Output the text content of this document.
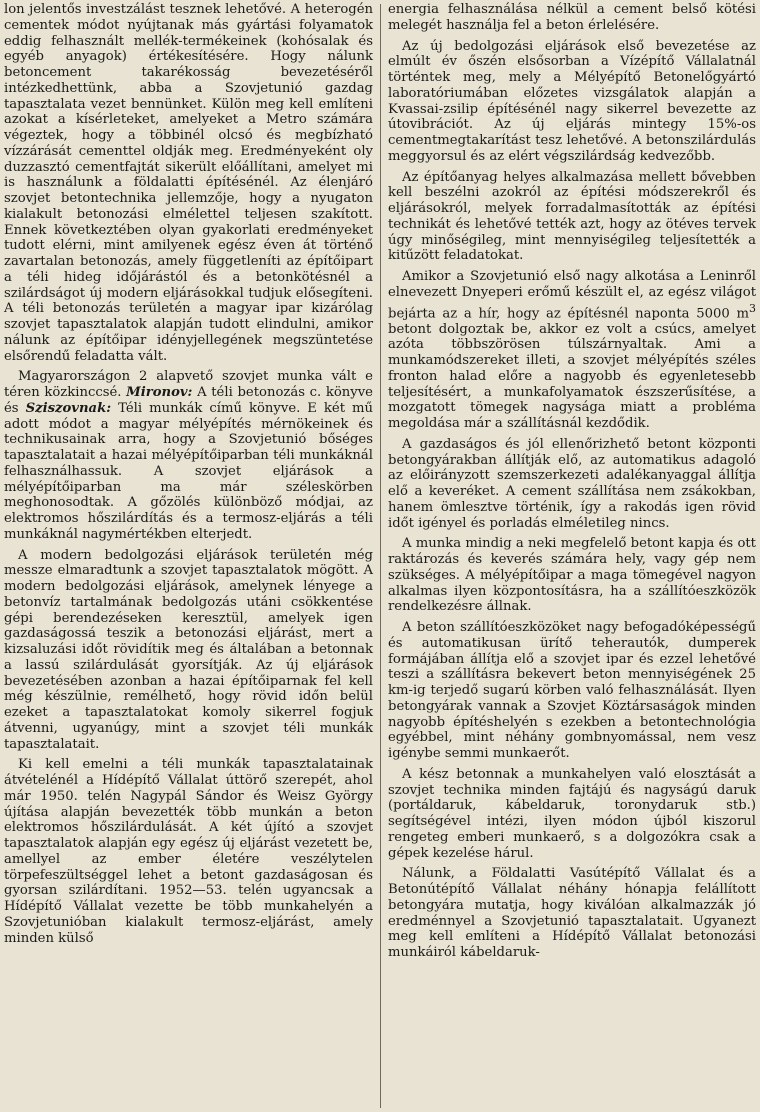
lon jelentős investzálást tesznek lehetővé. A heterogén cementek módot nyújtanak más gyártási folyamatok eddig felhasznált mellék-termékeinek (kohósalak és egyéb anyagok) értékesítésére. Hogy nálunk betoncement takarékosság bevezetéséről intézkedhettünk, abba a Szovjetunió gazdag tapasztalata vezet bennünket. Külön meg kell említeni azokat a kísérleteket, amelyeket a Metro számára végeztek, hogy a többinél olcsó és megbízható vízzárását cementtel oldják meg. Eredményeként oly duzzasztó cementfajtát sikerült előállítani, amelyet mi is használunk a földalatti építésénél. Az élenjáró szovjet betontechnika jellemzője, hogy a nyugaton kialakult betonozási elmélettel teljesen szakított. Ennek következtében olyan gyakorlati eredményeket tudott elérni, mint amilyenek egész éven át történő zavartalan betonozás, amely függetleníti az építőipart a téli hideg időjárástól és a betonkötésnél a szilárdságot új modern eljárásokkal tudjuk elősegíteni. A téli betonozás területén a magyar ipar kizárólag szovjet tapasztalatok alapján tudott elindulni, amikor nálunk az építőipar idényjellegének megszüntetése elsőrendű feladatta vált.

Magyarországon 2 alapvető szovjet munka vált e téren közkinccsé. Mironov: A téli betonozás c. könyve és Sziszovnak: Téli munkák című könyve. E két mű adott módot a magyar mélyépítés mérnökeinek és technikusainak arra, hogy a Szovjetunió bőséges tapasztalatait a hazai mélyépítőiparban téli munkáknál felhasználhassuk. A szovjet eljárások a mélyépítőiparban ma már széleskörben meghonosodtak. A gőzölés különböző módjai, az elektromos hőszilárdítás és a termosz-eljárás a téli munkáknál nagymértékben elterjedt.

A modern bedolgozási eljárások területén még messze elmaradtunk a szovjet tapasztalatok mögött. A modern bedolgozási eljárások, amelynek lényege a betonvíz tartalmának bedolgozás utáni csökkentése gépi berendezéseken keresztül, amelyek igen gazdaságossá teszik a betonozási eljárást, mert a kizsaluzási időt rövidítik meg és általában a betonnak a lassú szilárdulását gyorsítják. Az új eljárások bevezetésében azonban a hazai építőiparnak fel kell még készülnie, remélhető, hogy rövid időn belül ezeket a tapasztalatokat komoly sikerrel fogjuk átvenni, ugyanúgy, mint a szovjet téli munkák tapasztalatait.

Ki kell emelni a téli munkák tapasztalatainak átvételénél a Hídépítő Vállalat úttörő szerepét, ahol már 1950. telén Nagypál Sándor és Weisz György újítása alapján bevezették több munkán a beton elektromos hőszilárdulását. A két újító a szovjet tapasztalatok alapján egy egész új eljárást vezetett be, amellyel az ember életére veszélytelen törpefeszültséggel lehet a betont gazdaságosan és gyorsan szilárdítani. 1952—53. telén ugyancsak a Hídépítő Vállalat vezette be több munkahelyén a Szovjetunióban kialakult termosz-eljárást, amely minden külső

energia felhasználása nélkül a cement belső kötési melegét használja fel a beton érlelésére.

Az új bedolgozási eljárások első bevezetése az elmúlt év őszén elsősorban a Vízépítő Vállalatnál történtek meg, mely a Mélyépítő Betonelőgyártó laboratóriumában előzetes vizsgálatok alapján a Kvassai-zsilip építésénél nagy sikerrel bevezette az útovibrációt. Az új eljárás mintegy 15%-os cementmegtakarítást tesz lehetővé. A betonszilárdulás meggyorsul és az elért végszilárdság kedvezőbb.

Az építőanyag helyes alkalmazása mellett bővebben kell beszélni azokról az építési módszerekről és eljárásokról, melyek forradalmasították az építési technikát és lehetővé tették azt, hogy az ötéves tervek úgy minőségileg, mint mennyiségileg teljesítették a kitűzött feladatokat.

Amikor a Szovjetunió első nagy alkotása a Leninről elnevezett Dnyeperi erőmű készült el, az egész világot bejárta az a hír, hogy az építésnél naponta 5000 $m^3$ betont dolgoztak be, akkor ez volt a csúcs, amelyet azóta többszörösen túlszárnyaltak. Ami a munkamódszereket illeti, a szovjet mélyépítés széles fronton halad előre a nagyobb és egyenletesebb teljesítésért, a munkafolyamatok észszerűsítése, a mozgatott tömegek nagysága miatt a probléma megoldása már a szállításnál kezdődik.

A gazdaságos és jól ellenőrizhető betont központi betongyárakban állítják elő, az automatikus adagoló az előirányzott szemszerkezeti adalékanyaggal állítja elő a keveréket. A cement szállítása nem zsákokban, hanem ömlesztve történik, így a rakodás igen rövid időt igényel és porladás elméletileg nincs.

A munka mindig a neki megfelelő betont kapja és ott raktározás és keverés számára hely, vagy gép nem szükséges. A mélyépítőipar a maga tömegével nagyon alkalmas ilyen központosításra, ha a szállítóeszközök rendelkezésre állnak.

A beton szállítóeszközöket nagy befogadóképességű és automatikusan ürítő teherautók, dumperek formájában állítja elő a szovjet ipar és ezzel lehetővé teszi a szállításra bekevert beton mennyiségének 25 km-ig terjedő sugarú körben való felhasználását. Ilyen betongyárak vannak a Szovjet Köztársaságok minden nagyobb építéshelyén s ezekben a betontechnológia egyébbel, mint néhány gombnyomással, nem vesz igénybe semmi munkaerőt.

A kész betonnak a munkahelyen való elosztását a szovjet technika minden fajtájú és nagyságú daruk (portáldaruk, kábeldaruk, toronydaruk stb.) segítségével intézi, ilyen módon újból kiszorul rengeteg emberi munkaerő, s a dolgozókra csak a gépek kezelése hárul.

Nálunk, a Földalatti Vasútépítő Vállalat és a Betonútépítő Vállalat néhány hónapja felállított betongyára mutatja, hogy kiválóan alkalmazzák jó eredménnyel a Szovjetunió tapasztalatait. Ugyanezt meg kell említeni a Hídépítő Vállalat betonozási munkáiról kábeldaruk-
